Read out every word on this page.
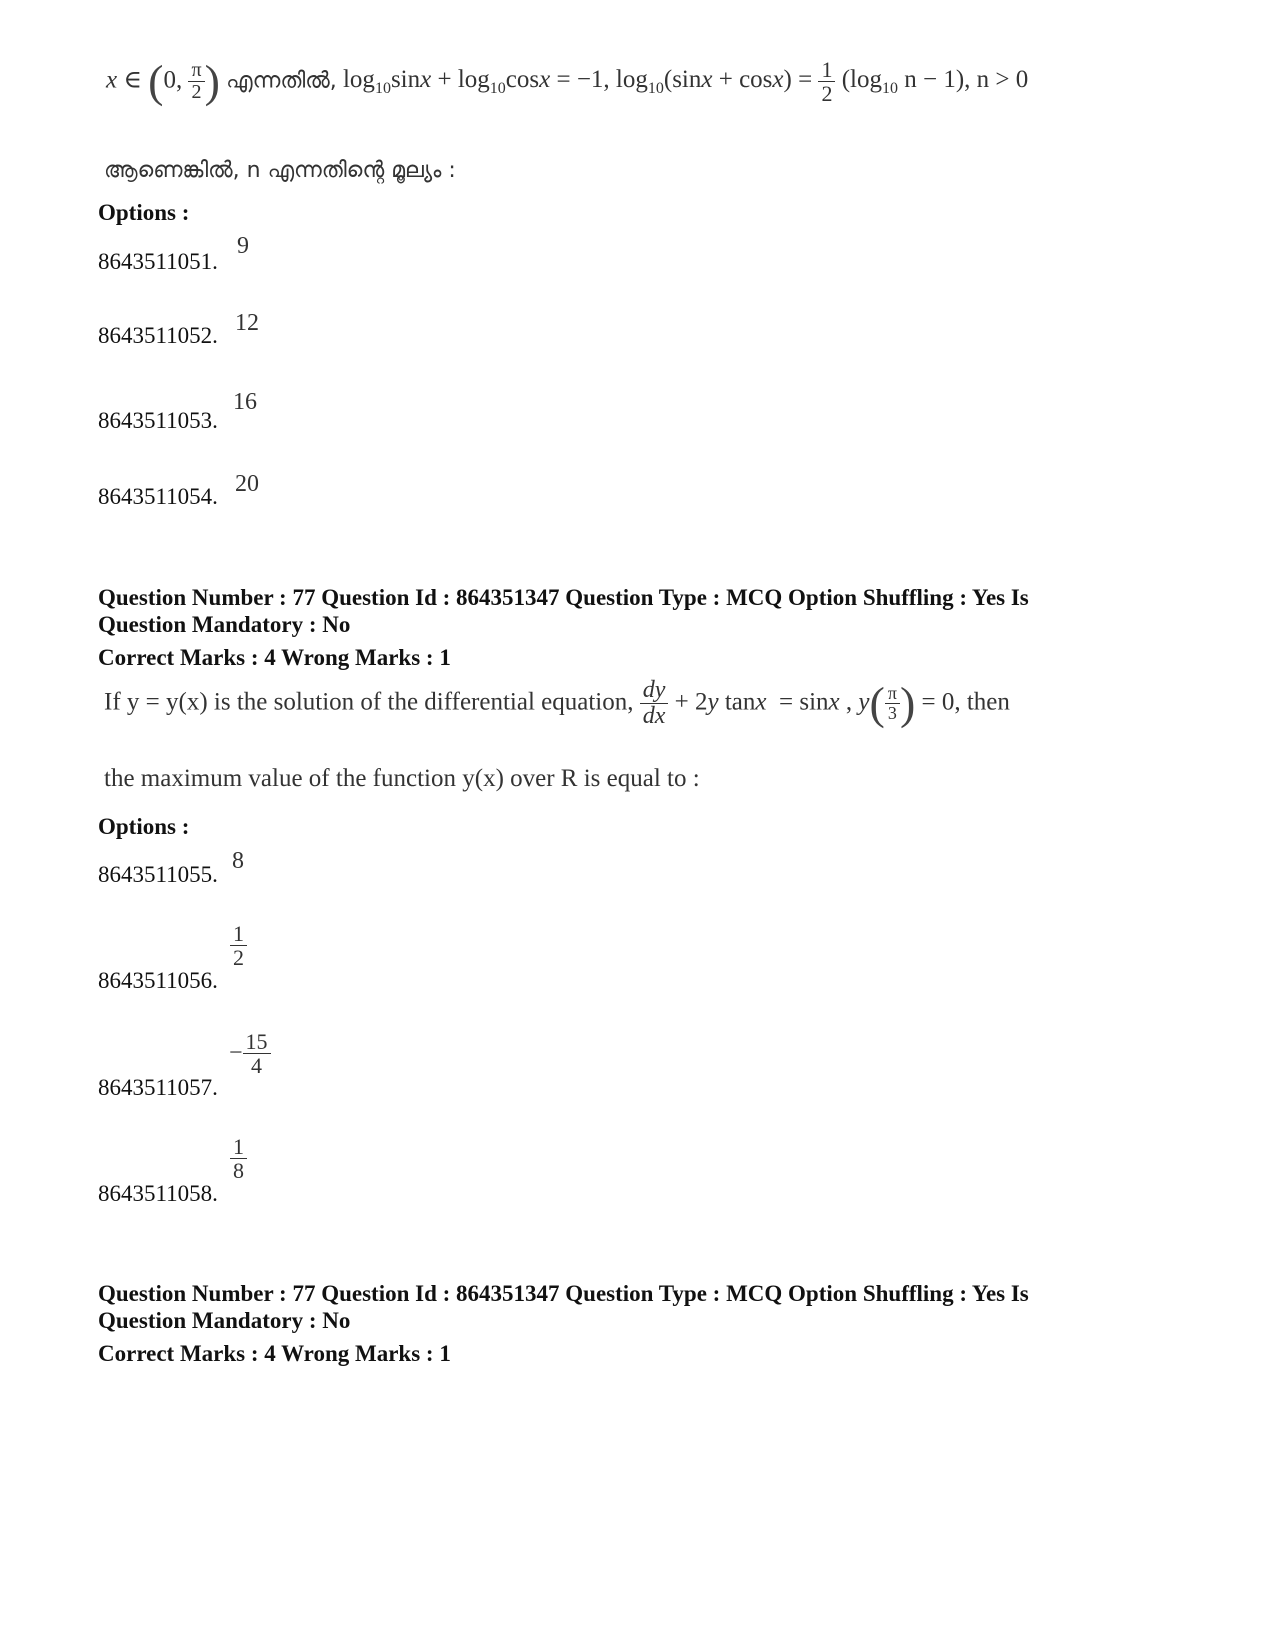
x ∈ (0, $\frac{\pi}{2}$ ) എന്നതിൽ, $\log_{10}\sin x + \log_{10}\cos x = -1$, $\log_{10}(\sin x + \cos x) = \frac{1}{2} (\log_{10}$ n − 1), n > 0
ആണെങ്കിൽ, n എന്നതിന്റെ മൂല്യം :
Options :
8643511051.
9
8643511052. 12
8643511053.
16
8643511054. 20
Question Number : 77 Question Id : 864351347 Question Type : MCQ Option Shuffling : Yes Is
Question Mandatory : No
Correct Marks : 4 Wrong Marks : 1
If y = y(x) is the solution of the differential equation, $\frac{dy}{dx} + 2y$ tanx  = sinx , $y( \frac{\pi}{3}$ ) = 0, then
the maximum value of the function y(x) over R is equal to :
Options :
8643511055.
8
8643511056.
$\frac{1}{2}$
8643511057.
− $\frac{15}{4}$
8643511058.
$\frac{1}{8}$
Question Number : 77 Question Id : 864351347 Question Type : MCQ Option Shuffling : Yes Is
Question Mandatory : No
Correct Marks : 4 Wrong Marks : 1
